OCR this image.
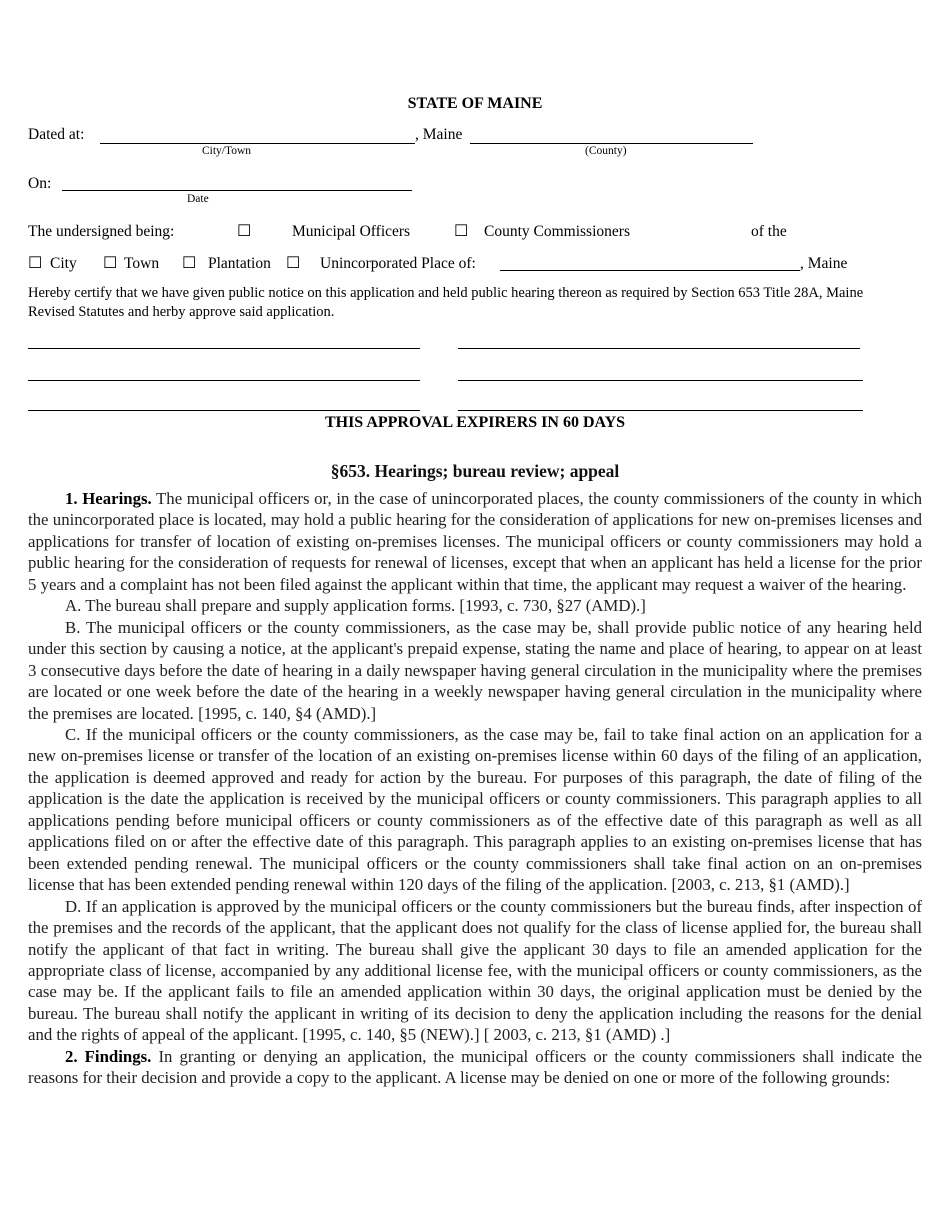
STATE OF MAINE
Dated at:	, Maine
City/Town	(County)
On:
Date
The undersigned being:	☐	Municipal Officers	☐ County Commissioners	of the
☐ City ☐ Town ☐ Plantation ☐ Unincorporated Place of:	, Maine
Hereby certify that we have given public notice on this application and held public hearing thereon as required by Section 653 Title 28A, Maine Revised Statutes and herby approve said application.
THIS APPROVAL EXPIRERS IN 60 DAYS
§653. Hearings; bureau review; appeal

1. Hearings. The municipal officers or, in the case of unincorporated places, the county commissioners of the county in which the unincorporated place is located, may hold a public hearing for the consideration of applications for new on-premises licenses and applications for transfer of location of existing on-premises licenses. The municipal officers or county commissioners may hold a public hearing for the consideration of requests for renewal of licenses, except that when an applicant has held a license for the prior 5 years and a complaint has not been filed against the applicant within that time, the applicant may request a waiver of the hearing.

A. The bureau shall prepare and supply application forms. [1993, c. 730, §27 (AMD).]

B. The municipal officers or the county commissioners, as the case may be, shall provide public notice of any hearing held under this section by causing a notice, at the applicant's prepaid expense, stating the name and place of hearing, to appear on at least 3 consecutive days before the date of hearing in a daily newspaper having general circulation in the municipality where the premises are located or one week before the date of the hearing in a weekly newspaper having general circulation in the municipality where the premises are located. [1995, c. 140, §4 (AMD).]

C. If the municipal officers or the county commissioners, as the case may be, fail to take final action on an application for a new on-premises license or transfer of the location of an existing on-premises license within 60 days of the filing of an application, the application is deemed approved and ready for action by the bureau. For purposes of this paragraph, the date of filing of the application is the date the application is received by the municipal officers or county commissioners. This paragraph applies to all applications pending before municipal officers or county commissioners as of the effective date of this paragraph as well as all applications filed on or after the effective date of this paragraph. This paragraph applies to an existing on-premises license that has been extended pending renewal. The municipal officers or the county commissioners shall take final action on an on-premises license that has been extended pending renewal within 120 days of the filing of the application. [2003, c. 213, §1 (AMD).]

D. If an application is approved by the municipal officers or the county commissioners but the bureau finds, after inspection of the premises and the records of the applicant, that the applicant does not qualify for the class of license applied for, the bureau shall notify the applicant of that fact in writing. The bureau shall give the applicant 30 days to file an amended application for the appropriate class of license, accompanied by any additional license fee, with the municipal officers or county commissioners, as the case may be. If the applicant fails to file an amended application within 30 days, the original application must be denied by the bureau. The bureau shall notify the applicant in writing of its decision to deny the application including the reasons for the denial and the rights of appeal of the applicant. [1995, c. 140, §5 (NEW).] [ 2003, c. 213, §1 (AMD) .]

2. Findings. In granting or denying an application, the municipal officers or the county commissioners shall indicate the reasons for their decision and provide a copy to the applicant. A license may be denied on one or more of the following grounds:
